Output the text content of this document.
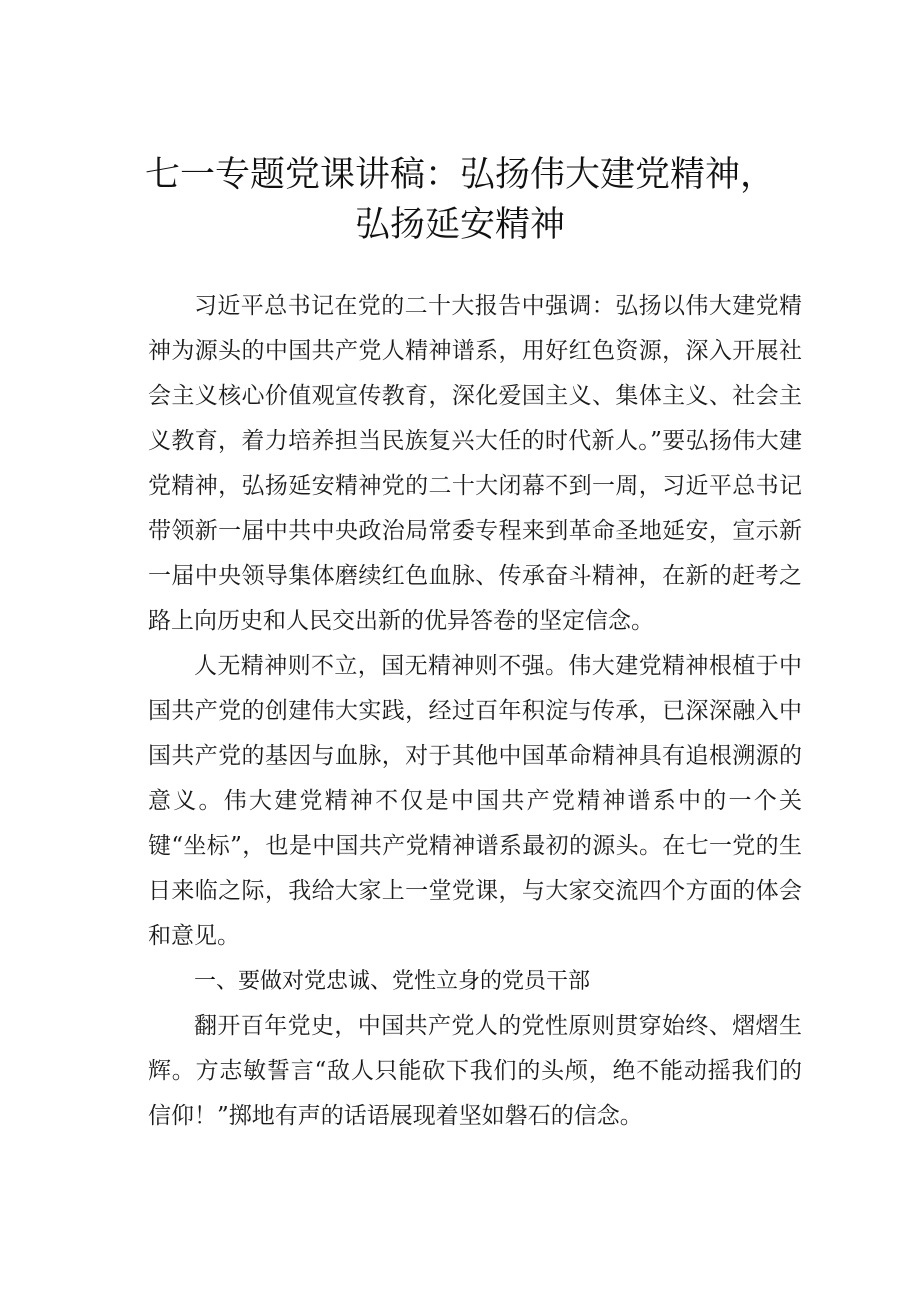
七一专题党课讲稿：弘扬伟大建党精神，
弘扬延安精神

习近平总书记在党的二十大报告中强调：弘扬以伟大建党精神为源头的中国共产党人精神谱系，用好红色资源，深入开展社会主义核心价值观宣传教育，深化爱国主义、集体主义、社会主义教育，着力培养担当民族复兴大任的时代新人。”要弘扬伟大建党精神，弘扬延安精神党的二十大闭幕不到一周，习近平总书记带领新一届中共中央政治局常委专程来到革命圣地延安，宣示新一届中央领导集体磨续红色血脉、传承奋斗精神，在新的赶考之路上向历史和人民交出新的优异答卷的坚定信念。

人无精神则不立，国无精神则不强。伟大建党精神根植于中国共产党的创建伟大实践，经过百年积淀与传承，已深深融入中国共产党的基因与血脉，对于其他中国革命精神具有追根溯源的意义。伟大建党精神不仅是中国共产党精神谱系中的一个关键“坐标”，也是中国共产党精神谱系最初的源头。在七一党的生日来临之际，我给大家上一堂党课，与大家交流四个方面的体会和意见。

一、要做对党忠诚、党性立身的党员干部

翻开百年党史，中国共产党人的党性原则贯穿始终、熠熠生辉。方志敏誓言“敌人只能砍下我们的头颅，绝不能动摇我们的信仰！”掷地有声的话语展现着坚如磐石的信念。
